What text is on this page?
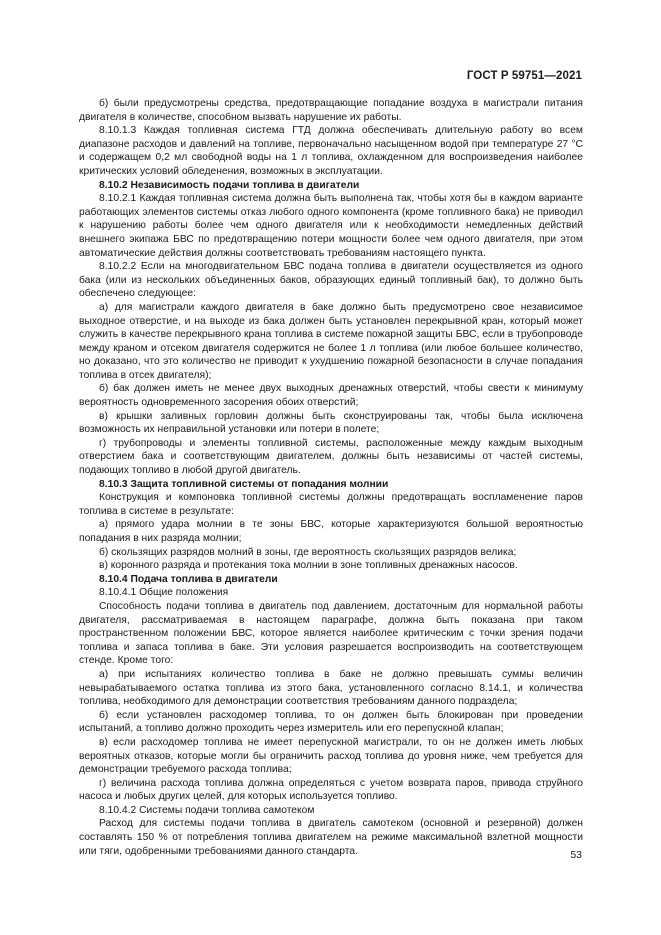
ГОСТ Р 59751—2021

б) были предусмотрены средства, предотвращающие попадание воздуха в магистрали питания двигателя в количестве, способном вызвать нарушение их работы.

8.10.1.3 Каждая топливная система ГТД должна обеспечивать длительную работу во всем диапазоне расходов и давлений на топливе, первоначально насыщенном водой при температуре 27 °С и содержащем 0,2 мл свободной воды на 1 л топлива, охлажденном для воспроизведения наиболее критических условий обледенения, возможных в эксплуатации.

8.10.2 Независимость подачи топлива в двигатели

8.10.2.1 Каждая топливная система должна быть выполнена так, чтобы хотя бы в каждом варианте работающих элементов системы отказ любого одного компонента (кроме топливного бака) не приводил к нарушению работы более чем одного двигателя или к необходимости немедленных действий внешнего экипажа БВС по предотвращению потери мощности более чем одного двигателя, при этом автоматические действия должны соответствовать требованиям настоящего пункта.

8.10.2.2 Если на многодвигательном БВС подача топлива в двигатели осуществляется из одного бака (или из нескольких объединенных баков, образующих единый топливный бак), то должно быть обеспечено следующее:

а) для магистрали каждого двигателя в баке должно быть предусмотрено свое независимое выходное отверстие, и на выходе из бака должен быть установлен перекрывной кран, который может служить в качестве перекрывного крана топлива в системе пожарной защиты БВС, если в трубопроводе между краном и отсеком двигателя содержится не более 1 л топлива (или любое большее количество, но доказано, что это количество не приводит к ухудшению пожарной безопасности в случае попадания топлива в отсек двигателя);

б) бак должен иметь не менее двух выходных дренажных отверстий, чтобы свести к минимуму вероятность одновременного засорения обоих отверстий;

в) крышки заливных горловин должны быть сконструированы так, чтобы была исключена возможность их неправильной установки или потери в полете;

г) трубопроводы и элементы топливной системы, расположенные между каждым выходным отверстием бака и соответствующим двигателем, должны быть независимы от частей системы, подающих топливо в любой другой двигатель.

8.10.3 Защита топливной системы от попадания молнии

Конструкция и компоновка топливной системы должны предотвращать воспламенение паров топлива в системе в результате:

а) прямого удара молнии в те зоны БВС, которые характеризуются большой вероятностью попадания в них разряда молнии;

б) скользящих разрядов молний в зоны, где вероятность скользящих разрядов велика;

в) коронного разряда и протекания тока молнии в зоне топливных дренажных насосов.

8.10.4 Подача топлива в двигатели

8.10.4.1 Общие положения

Способность подачи топлива в двигатель под давлением, достаточным для нормальной работы двигателя, рассматриваемая в настоящем параграфе, должна быть показана при таком пространственном положении БВС, которое является наиболее критическим с точки зрения подачи топлива и запаса топлива в баке. Эти условия разрешается воспроизводить на соответствующем стенде. Кроме того:

а) при испытаниях количество топлива в баке не должно превышать суммы величин невырабатываемого остатка топлива из этого бака, установленного согласно 8.14.1, и количества топлива, необходимого для демонстрации соответствия требованиям данного подраздела;

б) если установлен расходомер топлива, то он должен быть блокирован при проведении испытаний, а топливо должно проходить через измеритель или его перепускной клапан;

в) если расходомер топлива не имеет перепускной магистрали, то он не должен иметь любых вероятных отказов, которые могли бы ограничить расход топлива до уровня ниже, чем требуется для демонстрации требуемого расхода топлива;

г) величина расхода топлива должна определяться с учетом возврата паров, привода струйного насоса и любых других целей, для которых используется топливо.

8.10.4.2 Системы подачи топлива самотеком

Расход для системы подачи топлива в двигатель самотеком (основной и резервной) должен составлять 150 % от потребления топлива двигателем на режиме максимальной взлетной мощности или тяги, одобренными требованиями данного стандарта.	53
